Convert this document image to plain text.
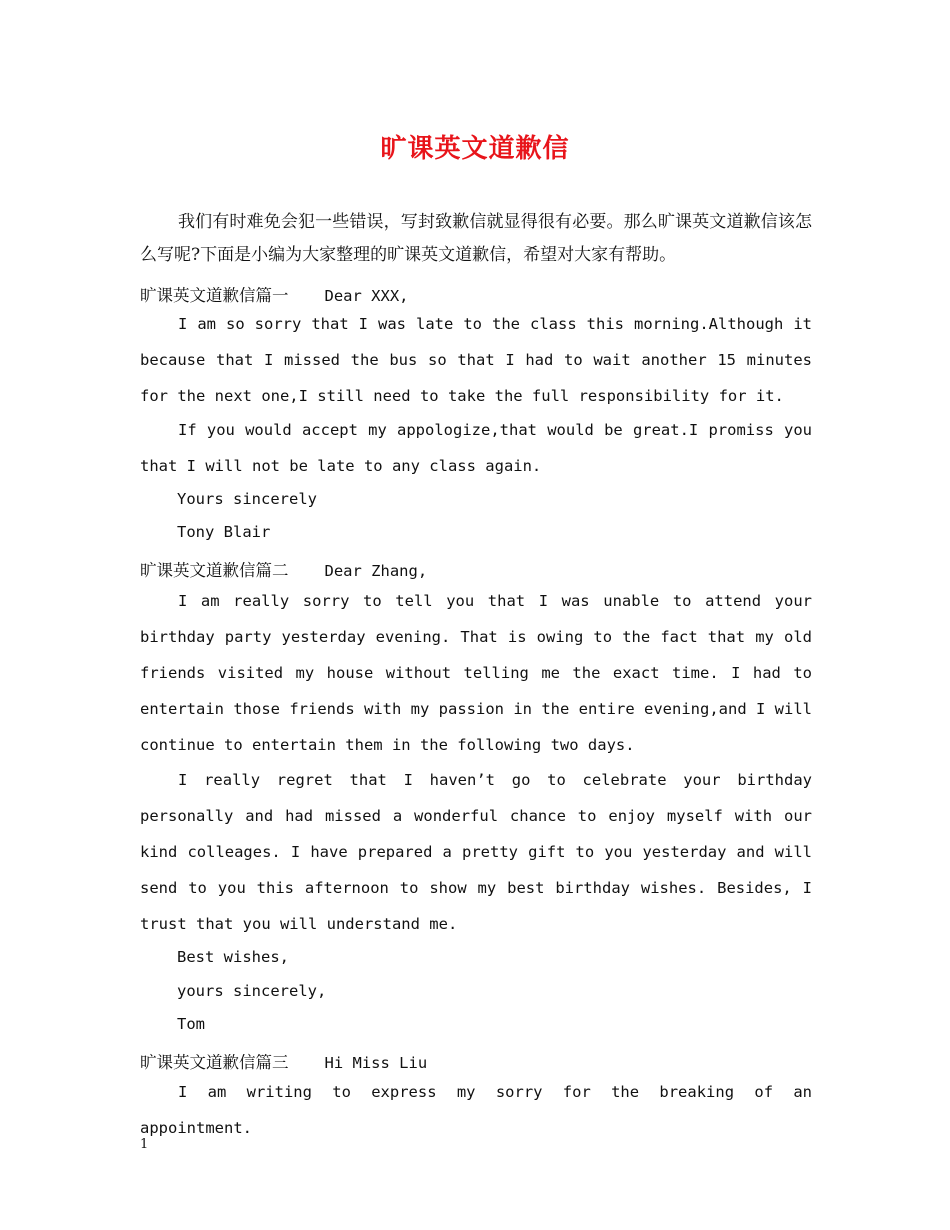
旷课英文道歉信

我们有时难免会犯一些错误，写封致歉信就显得很有必要。那么旷课英文道歉信该怎么写呢?下面是小编为大家整理的旷课英文道歉信，希望对大家有帮助。

旷课英文道歉信篇一 Dear XXX,

I am so sorry that I was late to the class this morning.Although it because that I missed the bus so that I had to wait another 15 minutes for the next one,I still need to take the full responsibility for it.

If you would accept my appologize,that would be great.I promiss you that I will not be late to any class again.

Yours sincerely
Tony Blair
旷课英文道歉信篇二 Dear Zhang,

I am really sorry to tell you that I was unable to attend your birthday party yesterday evening. That is owing to the fact that my old friends visited my house without telling me the exact time. I had to entertain those friends with my passion in the entire evening,and I will continue to entertain them in the following two days.

I really regret that I haven’t go to celebrate your birthday personally and had missed a wonderful chance to enjoy myself with our kind colleages. I have prepared a pretty gift to you yesterday and will send to you this afternoon to show my best birthday wishes. Besides, I trust that you will understand me.

Best wishes,
yours sincerely,
Tom
旷课英文道歉信篇三 Hi Miss Liu

I am writing to express my sorry for the breaking of an appointment.

1
